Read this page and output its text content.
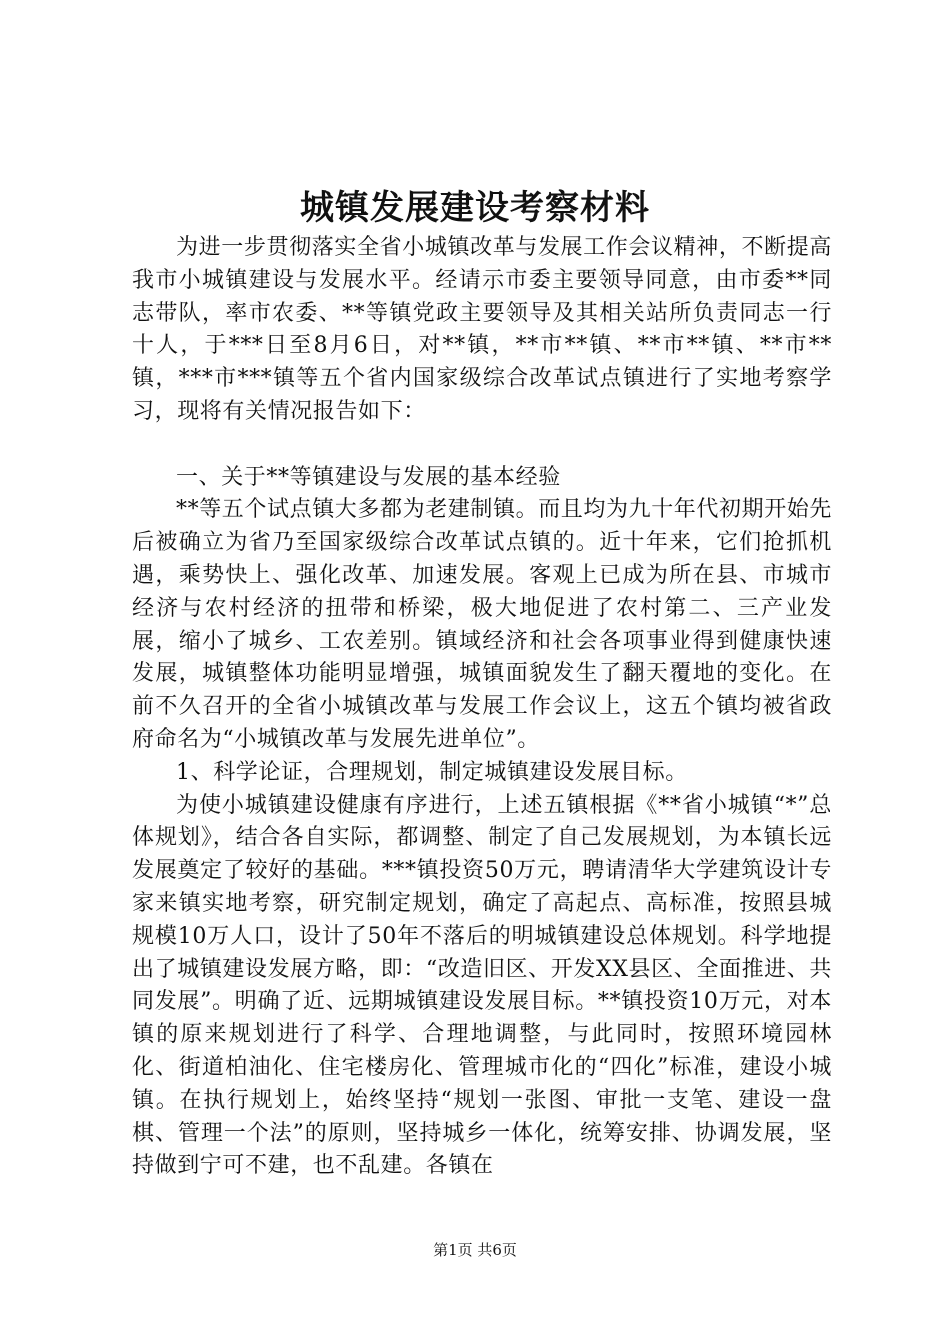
城镇发展建设考察材料

为进一步贯彻落实全省小城镇改革与发展工作会议精神，不断提高我市小城镇建设与发展水平。经请示市委主要领导同意，由市委**同志带队，率市农委、**等镇党政主要领导及其相关站所负责同志一行十人，于***日至8月6日，对**镇，**市**镇、**市**镇、**市**镇，***市***镇等五个省内国家级综合改革试点镇进行了实地考察学习，现将有关情况报告如下：

一、关于**等镇建设与发展的基本经验

**等五个试点镇大多都为老建制镇。而且均为九十年代初期开始先后被确立为省乃至国家级综合改革试点镇的。近十年来，它们抢抓机遇，乘势快上、强化改革、加速发展。客观上已成为所在县、市城市经济与农村经济的扭带和桥梁，极大地促进了农村第二、三产业发展，缩小了城乡、工农差别。镇域经济和社会各项事业得到健康快速发展，城镇整体功能明显增强，城镇面貌发生了翻天覆地的变化。在前不久召开的全省小城镇改革与发展工作会议上，这五个镇均被省政府命名为“小城镇改革与发展先进单位”。

1、科学论证，合理规划，制定城镇建设发展目标。

为使小城镇建设健康有序进行，上述五镇根据《**省小城镇“*”总体规划》，结合各自实际，都调整、制定了自己发展规划，为本镇长远发展奠定了较好的基础。***镇投资50万元，聘请清华大学建筑设计专家来镇实地考察，研究制定规划，确定了高起点、高标准，按照县城规模10万人口，设计了50年不落后的明城镇建设总体规划。科学地提出了城镇建设发展方略，即：“改造旧区、开发XX县区、全面推进、共同发展”。明确了近、远期城镇建设发展目标。**镇投资10万元，对本镇的原来规划进行了科学、合理地调整，与此同时，按照环境园林化、街道柏油化、住宅楼房化、管理城市化的“四化”标准，建设小城镇。在执行规划上，始终坚持“规划一张图、审批一支笔、建设一盘棋、管理一个法”的原则，坚持城乡一体化，统筹安排、协调发展，坚持做到宁可不建，也不乱建。各镇在

第1页 共6页
